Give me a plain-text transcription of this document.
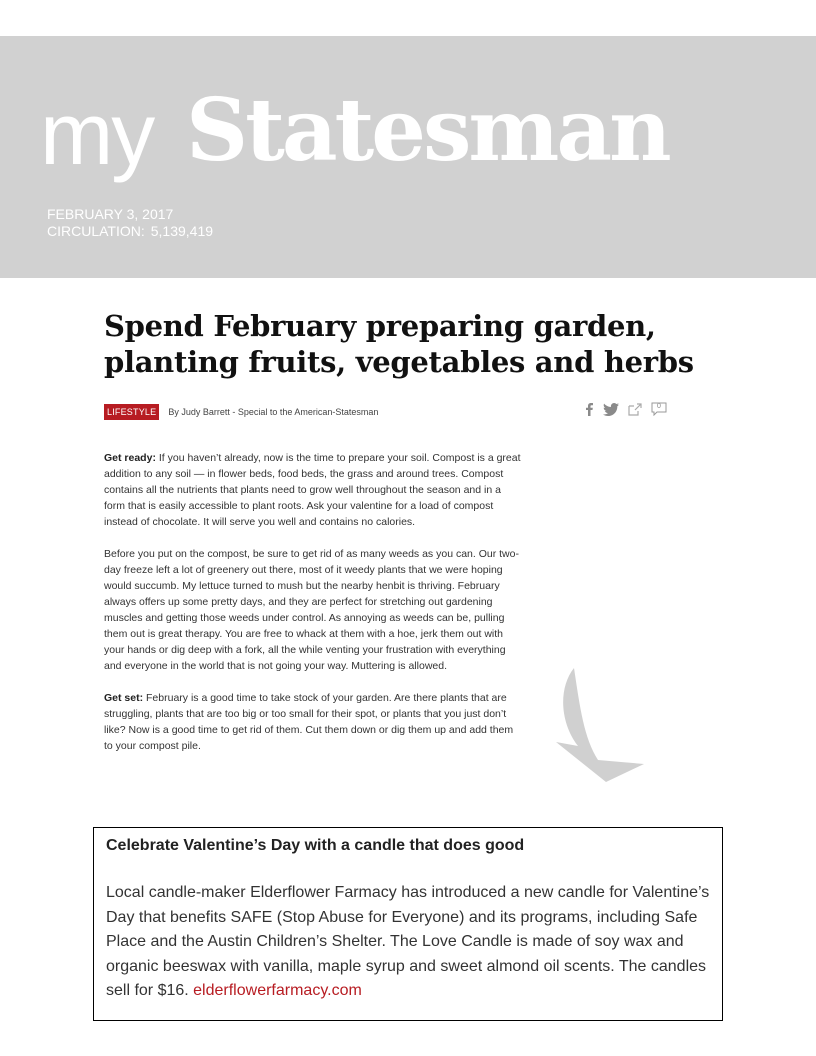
my Statesman
FEBRUARY 3, 2017
CIRCULATION: 5,139,419
Spend February preparing garden, planting fruits, vegetables and herbs
LIFESTYLE	By Judy Barrett - Special to the American-Statesman
0

Get ready: If you haven’t already, now is the time to prepare your soil. Compost is a great addition to any soil — in flower beds, food beds, the grass and around trees. Compost contains all the nutrients that plants need to grow well throughout the season and in a form that is easily accessible to plant roots. Ask your valentine for a load of compost instead of chocolate. It will serve you well and contains no calories.

Before you put on the compost, be sure to get rid of as many weeds as you can. Our two-day freeze left a lot of greenery out there, most of it weedy plants that we were hoping would succumb. My lettuce turned to mush but the nearby henbit is thriving. February always offers up some pretty days, and they are perfect for stretching out gardening muscles and getting those weeds under control. As annoying as weeds can be, pulling them out is great therapy. You are free to whack at them with a hoe, jerk them out with your hands or dig deep with a fork, all the while venting your frustration with everything and everyone in the world that is not going your way. Muttering is allowed.

Get set: February is a good time to take stock of your garden. Are there plants that are struggling, plants that are too big or too small for their spot, or plants that you just don’t like? Now is a good time to get rid of them. Cut them down or dig them up and add them to your compost pile.

Celebrate Valentine’s Day with a candle that does good

Local candle-maker Elderflower Farmacy has introduced a new candle for Valentine’s Day that benefits SAFE (Stop Abuse for Everyone) and its programs, including Safe Place and the Austin Children’s Shelter. The Love Candle is made of soy wax and organic beeswax with vanilla, maple syrup and sweet almond oil scents. The candles sell for $16. elderflowerfarmacy.com
